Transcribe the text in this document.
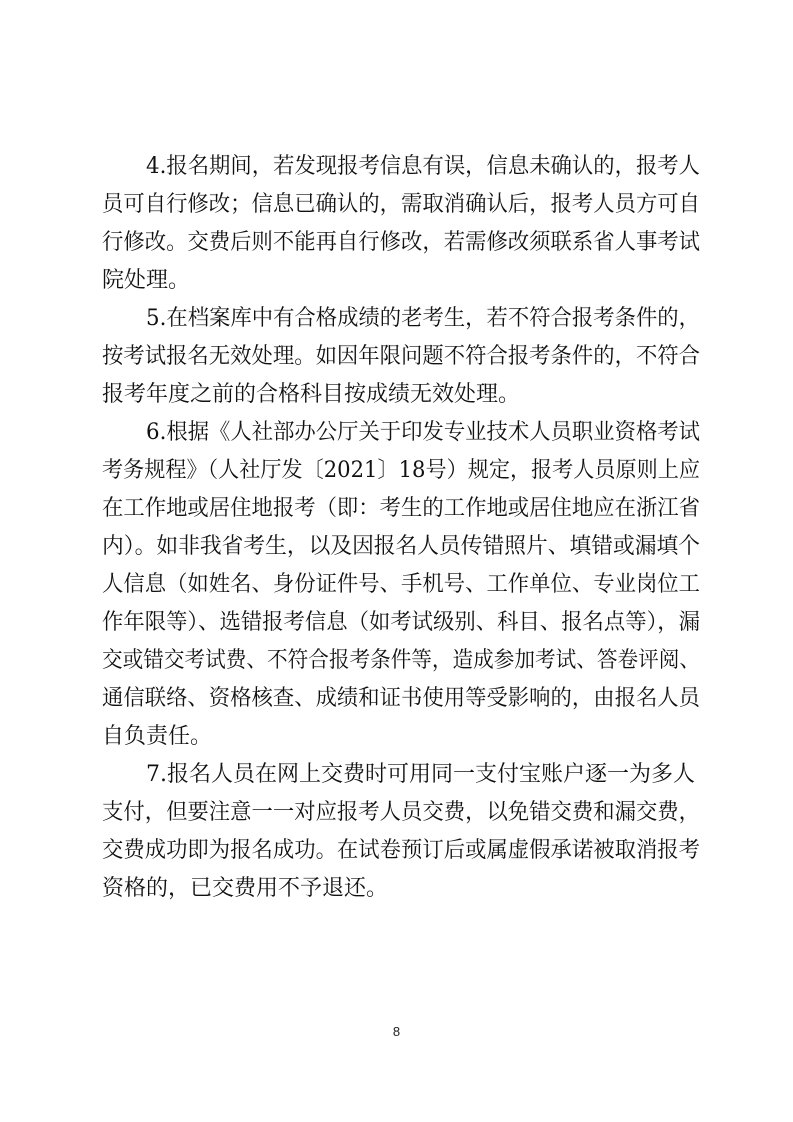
4.报名期间，若发现报考信息有误，信息未确认的，报考人
员可自行修改；信息已确认的，需取消确认后，报考人员方可自
行修改。交费后则不能再自行修改，若需修改须联系省人事考试
院处理。
5.在档案库中有合格成绩的老考生，若不符合报考条件的，
按考试报名无效处理。如因年限问题不符合报考条件的，不符合
报考年度之前的合格科目按成绩无效处理。
6.根据《人社部办公厅关于印发专业技术人员职业资格考试
考务规程》（人社厅发〔2021〕18号）规定，报考人员原则上应
在工作地或居住地报考（即：考生的工作地或居住地应在浙江省
内）。如非我省考生，以及因报名人员传错照片、填错或漏填个
人信息（如姓名、身份证件号、手机号、工作单位、专业岗位工
作年限等）、选错报考信息（如考试级别、科目、报名点等），漏
交或错交考试费、不符合报考条件等，造成参加考试、答卷评阅、
通信联络、资格核查、成绩和证书使用等受影响的，由报名人员
自负责任。
7.报名人员在网上交费时可用同一支付宝账户逐一为多人
支付，但要注意一一对应报考人员交费，以免错交费和漏交费，
交费成功即为报名成功。在试卷预订后或属虚假承诺被取消报考
资格的，已交费用不予退还。
8
